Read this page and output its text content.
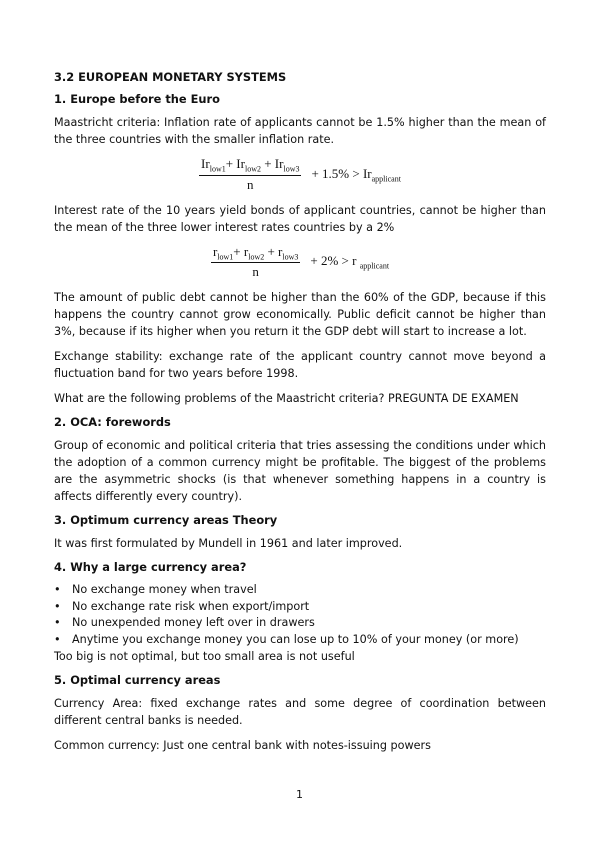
3.2 EUROPEAN MONETARY SYSTEMS
1. Europe before the Euro

Maastricht criteria: Inflation rate of applicants cannot be 1.5% higher than the mean of the three countries with the smaller inflation rate.

$\frac{Ir_{low1}+ Ir_{low2} + Ir_{low3}}{n} + 1.5\% > Ir_{applicant}$

Interest rate of the 10 years yield bonds of applicant countries, cannot be higher than the mean of the three lower interest rates countries by a 2%

$\frac{r_{low1}+ r_{low2} + r_{low3}}{n} + 2\% > r$ $_{applicant}$

The amount of public debt cannot be higher than the 60% of the GDP, because if this happens the country cannot grow economically. Public deficit cannot be higher than 3%, because if its higher when you return it the GDP debt will start to increase a lot.

Exchange stability: exchange rate of the applicant country cannot move beyond a fluctuation band for two years before 1998.

What are the following problems of the Maastricht criteria? PREGUNTA DE EXAMEN

2. OCA: forewords

Group of economic and political criteria that tries assessing the conditions under which the adoption of a common currency might be profitable. The biggest of the problems are the asymmetric shocks (is that whenever something happens in a country is affects differently every country).

3. Optimum currency areas Theory

It was first formulated by Mundell in 1961 and later improved.

4. Why a large currency area?
•	No exchange money when travel
•	No exchange rate risk when export/import
•	No unexpended money left over in drawers
•	Anytime you exchange money you can lose up to 10% of your money (or more)

Too big is not optimal, but too small area is not useful

5. Optimal currency areas

Currency Area: fixed exchange rates and some degree of coordination between different central banks is needed.

Common currency: Just one central bank with notes-issuing powers

1
